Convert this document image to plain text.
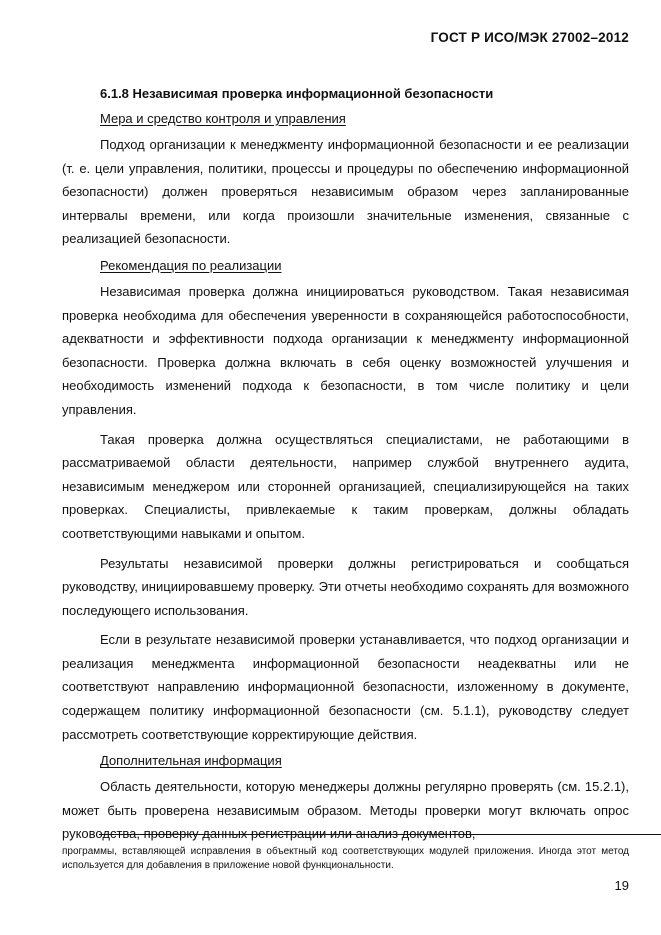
ГОСТ Р ИСО/МЭК 27002–2012
6.1.8 Независимая проверка информационной безопасности
Мера и средство контроля и управления

Подход организации к менеджменту информационной безопасности и ее реализации (т. е. цели управления, политики, процессы и процедуры по обеспечению информационной безопасности) должен проверяться независимым образом через запланированные интервалы времени, или когда произошли значительные изменения, связанные с реализацией безопасности.

Рекомендация по реализации

Независимая проверка должна инициироваться руководством. Такая независимая проверка необходима для обеспечения уверенности в сохраняющейся работоспособности, адекватности и эффективности подхода организации к менеджменту информационной безопасности. Проверка должна включать в себя оценку возможностей улучшения и необходимость изменений подхода к безопасности, в том числе политику и цели управления.

Такая проверка должна осуществляться специалистами, не работающими в рассматриваемой области деятельности, например службой внутреннего аудита, независимым менеджером или сторонней организацией, специализирующейся на таких проверках. Специалисты, привлекаемые к таким проверкам, должны обладать соответствующими навыками и опытом.

Результаты независимой проверки должны регистрироваться и сообщаться руководству, инициировавшему проверку. Эти отчеты необходимо сохранять для возможного последующего использования.

Если в результате независимой проверки устанавливается, что подход организации и реализация менеджмента информационной безопасности неадекватны или не соответствуют направлению информационной безопасности, изложенному в документе, содержащем политику информационной безопасности (см. 5.1.1), руководству следует рассмотреть соответствующие корректирующие действия.

Дополнительная информация

Область деятельности, которую менеджеры должны регулярно проверять (см. 15.2.1), может быть проверена независимым образом. Методы проверки могут включать опрос руководства, проверку данных регистрации или анализ документов,

программы, вставляющей исправления в объектный код соответствующих модулей приложения. Иногда этот метод используется для добавления в приложение новой функциональности.
19
